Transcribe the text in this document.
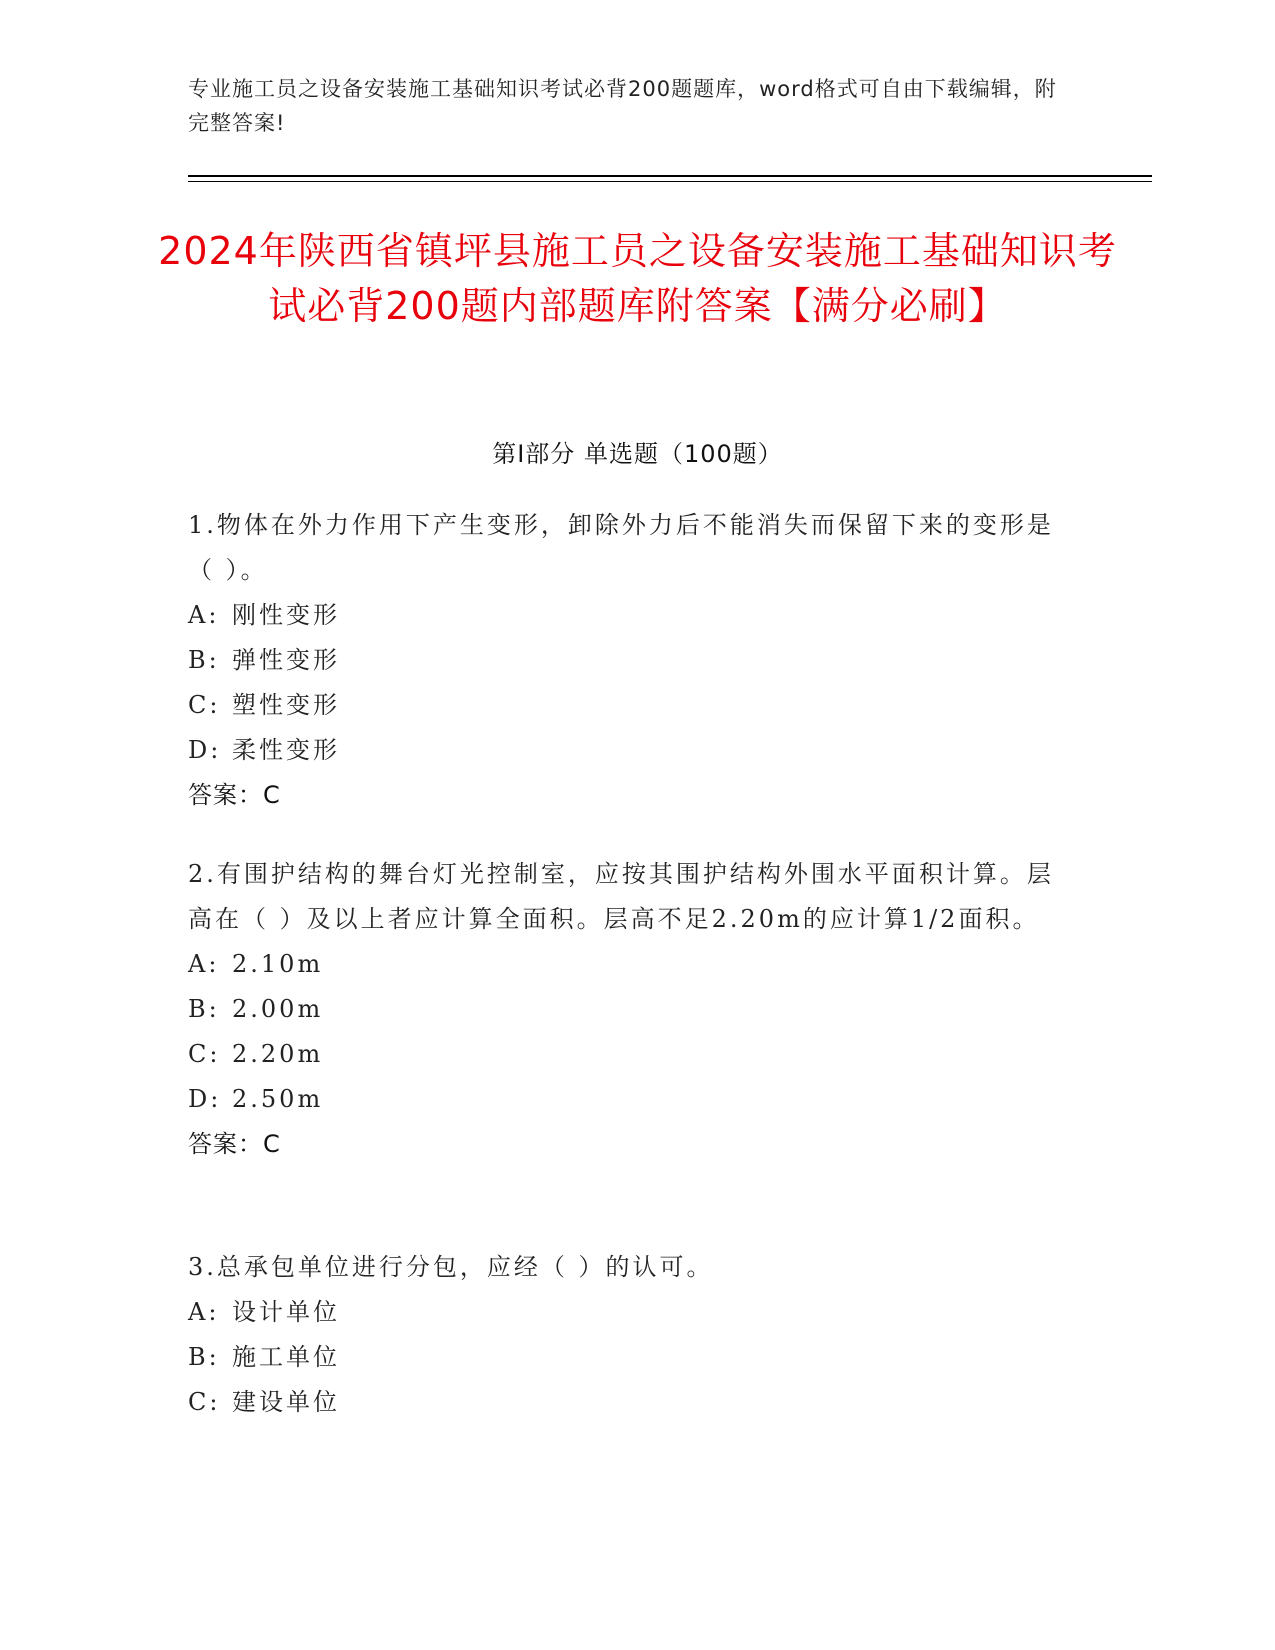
专业施工员之设备安装施工基础知识考试必背200题题库，word格式可自由下载编辑，附完整答案!
2024年陕西省镇坪县施工员之设备安装施工基础知识考试必背200题内部题库附答案【满分必刷】
第Ⅰ部分 单选题（100题）
1.物体在外力作用下产生变形，卸除外力后不能消失而保留下来的变形是（ ）。
A: 刚性变形
B: 弹性变形
C: 塑性变形
D: 柔性变形
答案：C
2.有围护结构的舞台灯光控制室，应按其围护结构外围水平面积计算。层高在（ ）及以上者应计算全面积。层高不足2.20m的应计算1/2面积。
A: 2.10m
B: 2.00m
C: 2.20m
D: 2.50m
答案：C
3.总承包单位进行分包，应经（ ）的认可。
A: 设计单位
B: 施工单位
C: 建设单位
